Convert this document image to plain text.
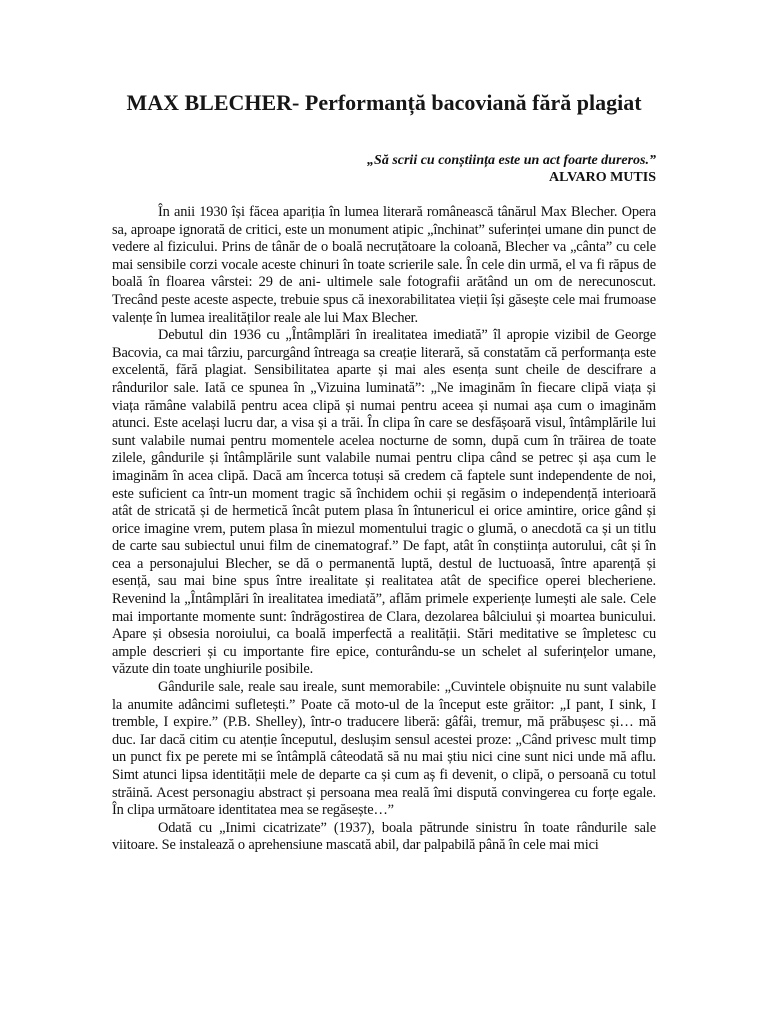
MAX BLECHER- Performanță bacoviană fără plagiat
„Să scrii cu conștiința este un act foarte dureros.”
ALVARO MUTIS

În anii 1930 își făcea apariția în lumea literară românească tânărul Max Blecher. Opera sa, aproape ignorată de critici, este un monument atipic „închinat” suferinței umane din punct de vedere al fizicului. Prins de tânăr de o boală necruțătoare la coloană, Blecher va „cânta” cu cele mai sensibile corzi vocale aceste chinuri în toate scrierile sale. În cele din urmă, el va fi răpus de boală în floarea vârstei: 29 de ani- ultimele sale fotografii arătând un om de nerecunoscut. Trecând peste aceste aspecte, trebuie spus că inexorabilitatea vieții își găsește cele mai frumoase valențe în lumea irealităților reale ale lui Max Blecher.

Debutul din 1936 cu „Întâmplări în irealitatea imediată” îl apropie vizibil de George Bacovia, ca mai târziu, parcurgând întreaga sa creație literară, să constatăm că performanța este excelentă, fără plagiat. Sensibilitatea aparte și mai ales esența sunt cheile de descifrare a rândurilor sale. Iată ce spunea în „Vizuina luminată”: „Ne imaginăm în fiecare clipă viața și viața rămâne valabilă pentru acea clipă și numai pentru aceea și numai așa cum o imaginăm atunci. Este același lucru dar, a visa și a trăi. În clipa în care se desfășoară visul, întâmplările lui sunt valabile numai pentru momentele acelea nocturne de somn, după cum în trăirea de toate zilele, gândurile și întâmplările sunt valabile numai pentru clipa când se petrec și așa cum le imaginăm în acea clipă. Dacă am încerca totuși să credem că faptele sunt independente de noi, este suficient ca într-un moment tragic să închidem ochii și regăsim o independență interioară atât de stricată și de hermetică încât putem plasa în întunericul ei orice amintire, orice gând și orice imagine vrem, putem plasa în miezul momentului tragic o glumă, o anecdotă ca și un titlu de carte sau subiectul unui film de cinematograf.” De fapt, atât în conștiința autorului, cât și în cea a personajului Blecher, se dă o permanentă luptă, destul de luctuoasă, între aparență și esență, sau mai bine spus între irealitate și realitatea atât de specifice operei blecheriene. Revenind la „Întâmplări în irealitatea imediată”, aflăm primele experiențe lumești ale sale. Cele mai importante momente sunt: îndrăgostirea de Clara, dezolarea bâlciului și moartea bunicului. Apare și obsesia noroiului, ca boală imperfectă a realității. Stări meditative se împletesc cu ample descrieri și cu importante fire epice, conturându-se un schelet al suferințelor umane, văzute din toate unghiurile posibile.

Gândurile sale, reale sau ireale, sunt memorabile: „Cuvintele obișnuite nu sunt valabile la anumite adâncimi sufletești.” Poate că moto-ul de la început este grăitor: „I pant, I sink, I tremble, I expire.” (P.B. Shelley), într-o traducere liberă: gâfâi, tremur, mă prăbușesc și… mă duc. Iar dacă citim cu atenție începutul, deslușim sensul acestei proze: „Când privesc mult timp un punct fix pe perete mi se întâmplă câteodată să nu mai știu nici cine sunt nici unde mă aflu. Simt atunci lipsa identității mele de departe ca și cum aș fi devenit, o clipă, o persoană cu totul străină. Acest personagiu abstract și persoana mea reală îmi dispută convingerea cu forțe egale. În clipa următoare identitatea mea se regăsește…”

Odată cu „Inimi cicatrizate” (1937), boala pătrunde sinistru în toate rândurile sale viitoare. Se instalează o aprehensiune mascată abil, dar palpabilă până în cele mai mici
